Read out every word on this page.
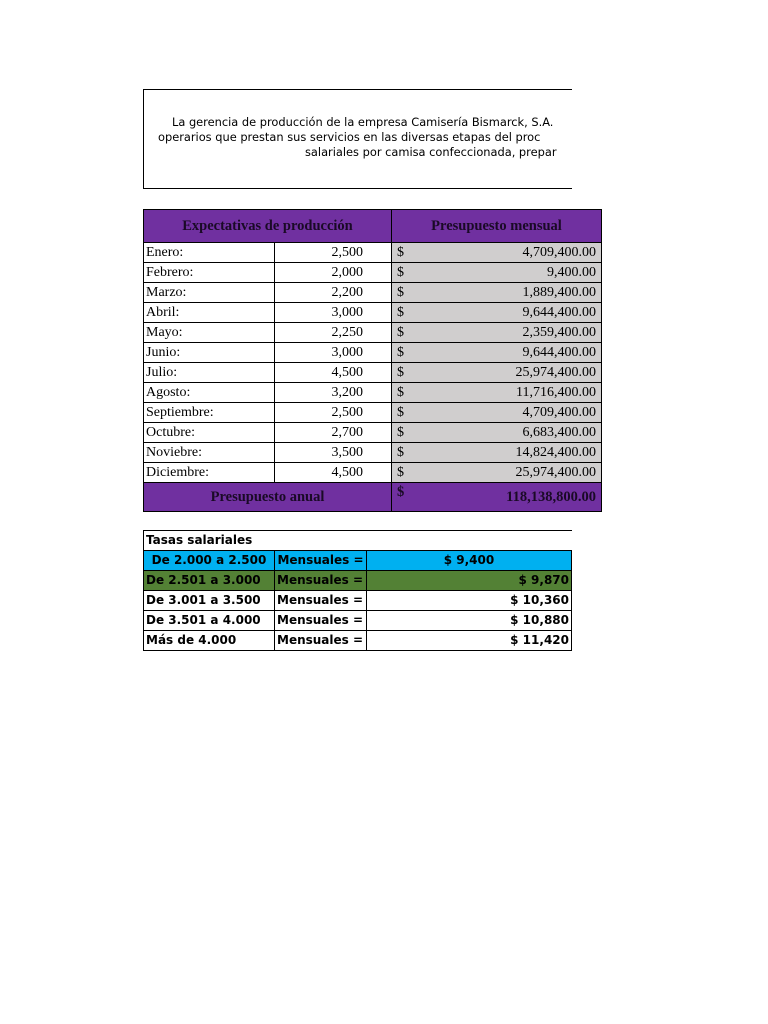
La gerencia de producción de la empresa Camisería Bismarck, S.A.
operarios que prestan sus servicios en las diversas etapas del proc
salariales por camisa confeccionada, prepar
Expectativas de producción		Presupuesto mensual
Enero:	2,500	$ 4,709,400.00
Febrero:	2,000	$ 9,400.00
Marzo:	2,200	$ 1,889,400.00
Abril:	3,000	$ 9,644,400.00
Mayo:	2,250	$ 2,359,400.00
Junio:	3,000	$ 9,644,400.00
Julio:	4,500	$ 25,974,400.00
Agosto:	3,200	$ 11,716,400.00
Septiembre:	2,500	$ 4,709,400.00
Octubre:	2,700	$ 6,683,400.00
Noviebre:	3,500	$ 14,824,400.00
Diciembre:	4,500	$ 25,974,400.00
Presupuesto anual		$ 118,138,800.00
Tasas salariales		
De 2.000 a 2.500	Mensuales =	$ 9,400
De 2.501 a 3.000	Mensuales =	$ 9,870
De 3.001 a 3.500	Mensuales =	$ 10,360
De 3.501 a 4.000	Mensuales =	$ 10,880
Más de 4.000	Mensuales =	$ 11,420
